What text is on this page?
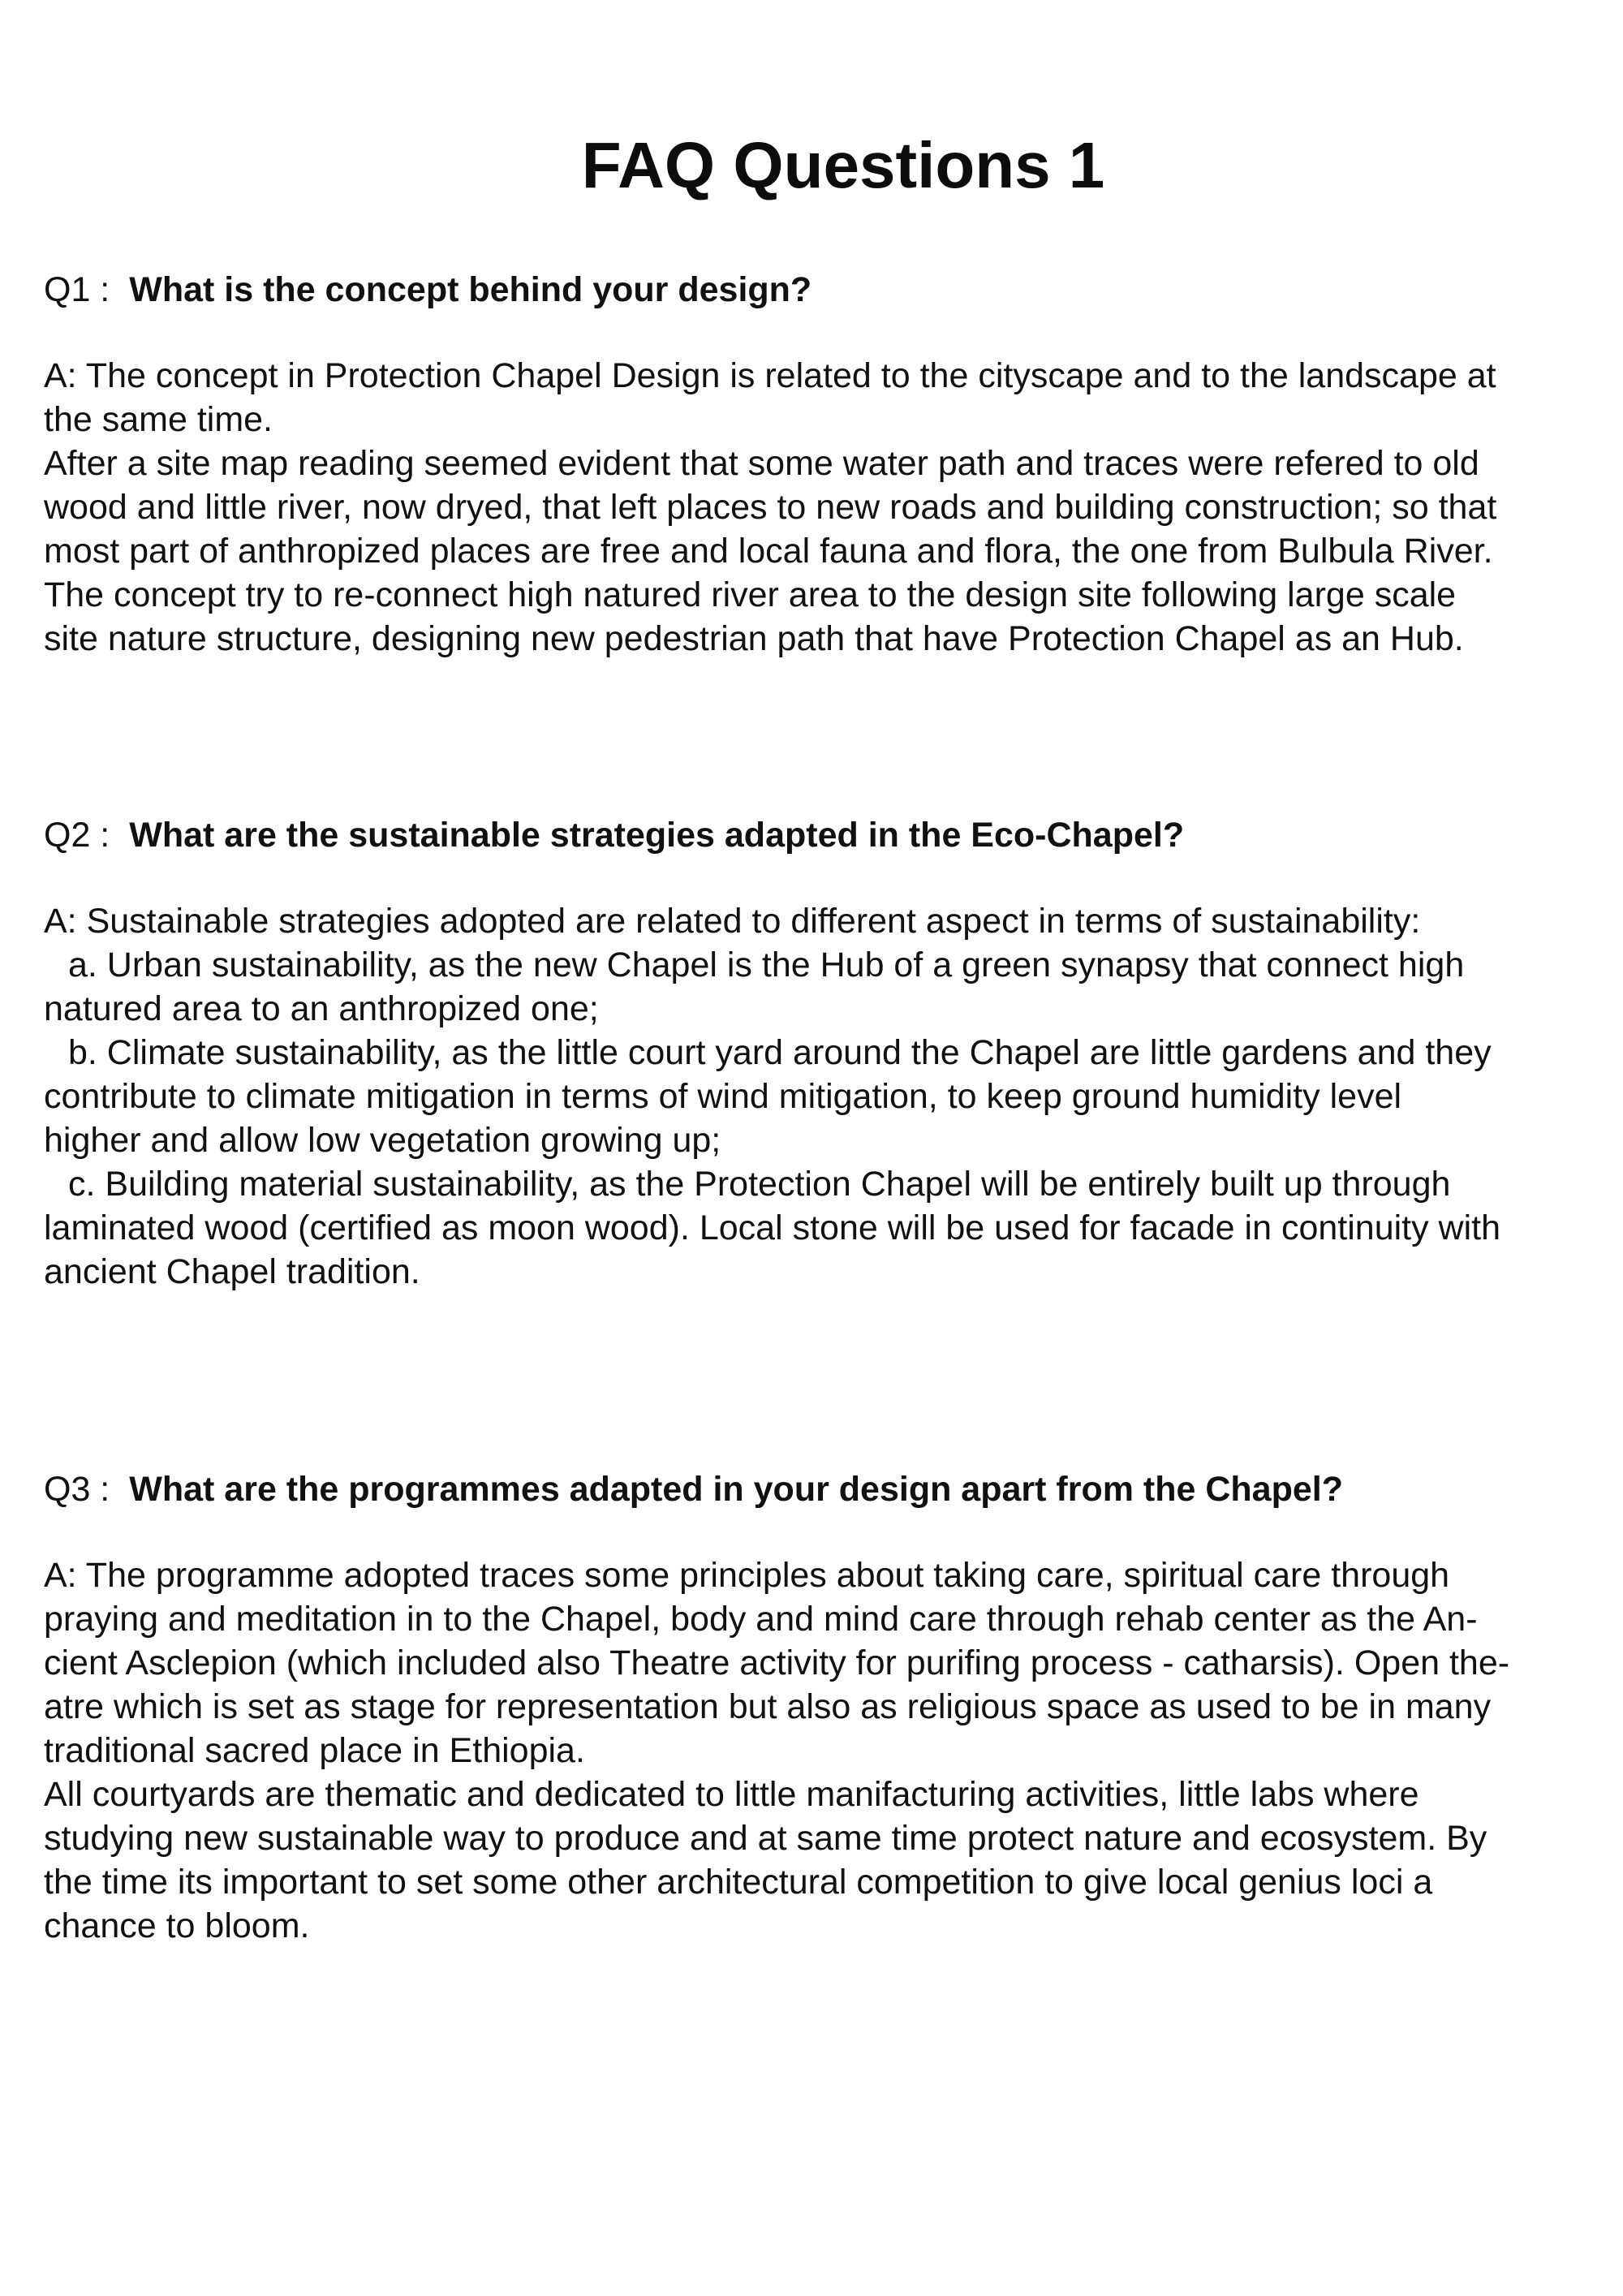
FAQ Questions 1

Q1 : What is the concept behind your design?

A: The concept in Protection Chapel Design is related to the cityscape and to the landscape at
the same time.
After a site map reading seemed evident that some water path and traces were refered to old
wood and little river, now dryed, that left places to new roads and building construction; so that
most part of anthropized places are free and local fauna and flora, the one from Bulbula River.
The concept try to re-connect high natured river area to the design site following large scale
site nature structure, designing new pedestrian path that have Protection Chapel as an Hub.

Q2 : What are the sustainable strategies adapted in the Eco-Chapel?

A: Sustainable strategies adopted are related to different aspect in terms of sustainability:
a. Urban sustainability, as the new Chapel is the Hub of a green synapsy that connect high
natured area to an anthropized one;
b. Climate sustainability, as the little court yard around the Chapel are little gardens and they
contribute to climate mitigation in terms of wind mitigation, to keep ground humidity level
higher and allow low vegetation growing up;
c. Building material sustainability, as the Protection Chapel will be entirely built up through
laminated wood (certified as moon wood). Local stone will be used for facade in continuity with
ancient Chapel tradition.

Q3 : What are the programmes adapted in your design apart from the Chapel?

A: The programme adopted traces some principles about taking care, spiritual care through
praying and meditation in to the Chapel, body and mind care through rehab center as the An-
cient Asclepion (which included also Theatre activity for purifing process - catharsis). Open the-
atre which is set as stage for representation but also as religious space as used to be in many
traditional sacred place in Ethiopia.
All courtyards are thematic and dedicated to little manifacturing activities, little labs where
studying new sustainable way to produce and at same time protect nature and ecosystem. By
the time its important to set some other architectural competition to give local genius loci a
chance to bloom.
